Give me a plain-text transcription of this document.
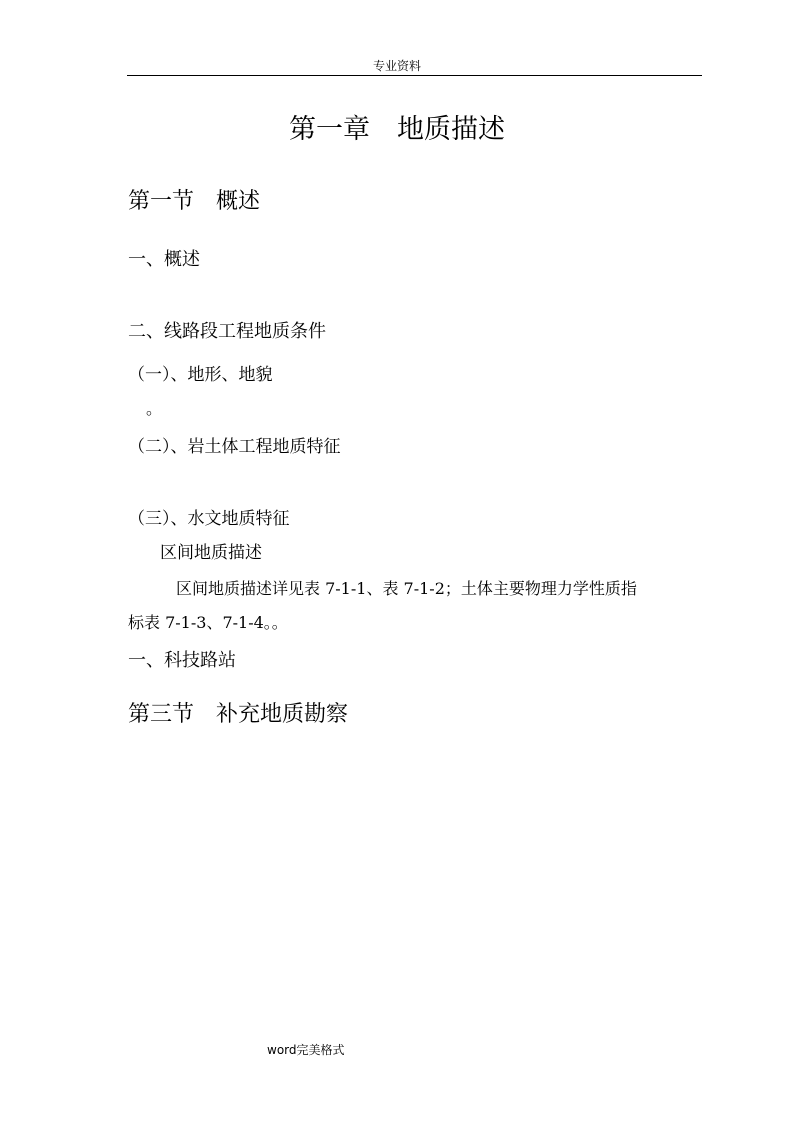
专业资料
第一章　地质描述
第一节　概述
一、概述
二、线路段工程地质条件
（一）、地形、地貌
。
（二）、岩土体工程地质特征
（三）、水文地质特征
区间地质描述
区间地质描述详见表 7-1-1、表 7-1-2；土体主要物理力学性质指
标表 7-1-3、7-1-4。。
一、科技路站
第三节　补充地质勘察
word完美格式
